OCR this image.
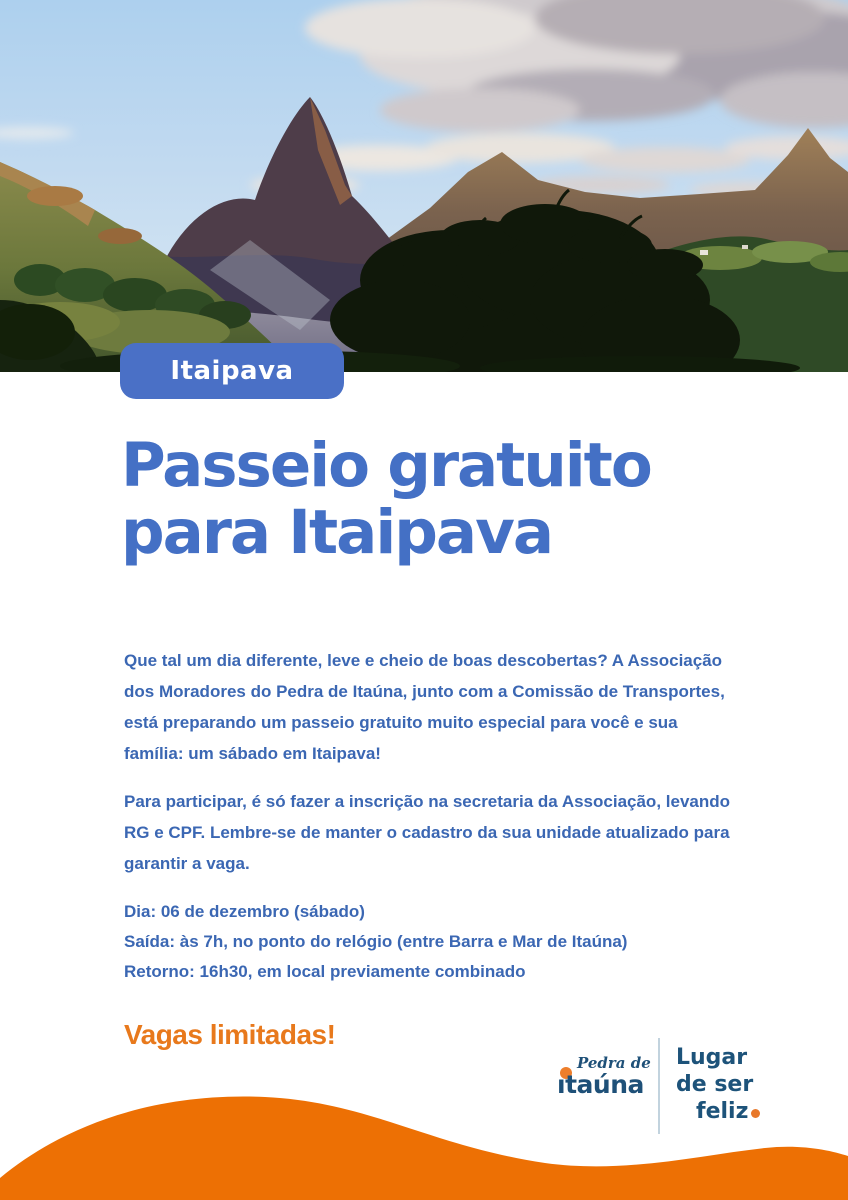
Itaipava
Passeio gratuito
para Itaipava
Que tal um dia diferente, leve e cheio de boas descobertas? A Associação
dos Moradores do Pedra de Itaúna, junto com a Comissão de Transportes,
está preparando um passeio gratuito muito especial para você e sua
família: um sábado em Itaipava!
Para participar, é só fazer a inscrição na secretaria da Associação, levando
RG e CPF. Lembre-se de manter o cadastro da sua unidade atualizado para
garantir a vaga.
Dia: 06 de dezembro (sábado)
Saída: às 7h, no ponto do relógio (entre Barra e Mar de Itaúna)
Retorno: 16h30, em local previamente combinado
Vagas limitadas!
Pedra de
ıtaúna
Lugar
de ser
feliz
